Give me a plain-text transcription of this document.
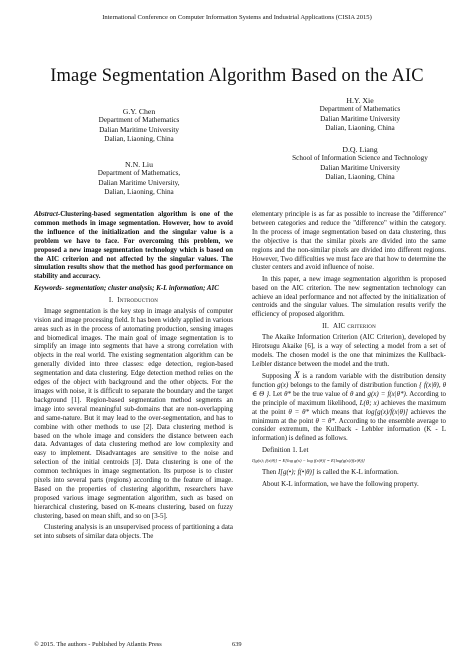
International Conference on Computer Information Systems and Industrial Applications (CISIA 2015)
Image Segmentation Algorithm Based on the AIC
G.Y. Chen
Department of Mathematics
Dalian Maritime University
Dalian, Liaoning, China
H.Y. Xie
Department of Mathematics
Dalian Maritime University
Dalian, Liaoning, China
N.N. Liu
Department of Mathematics,
Dalian Maritime University,
Dalian, Liaoning, China
D.Q. Liang
School of Information Science and Technology
Dalian Maritime University
Dalian, Liaoning, China

Abstract-Clustering-based segmentation algorithm is one of the common methods in image segmentation. However, how to avoid the influence of the initialization and the singular value is a problem we have to face. For overcoming this problem, we proposed a new image segmentation technology which is based on the AIC criterion and not affected by the singular values. The simulation results show that the method has good performance on stability and accuracy.

Keywords- segmentation; cluster analysis; K-L information; AIC

I. Introduction

Image segmentation is the key step in image analysis of computer vision and image processing field. It has been widely applied in various areas such as in the process of automating production, sensing images and biomedical images. The main goal of image segmentation is to simplify an image into segments that have a strong correlation with objects in the real world. The existing segmentation algorithm can be generally divided into three classes: edge detection, region-based segmentation and data clustering. Edge detection method relies on the edges of the object with background and the other objects. For the images with noise, it is difficult to separate the boundary and the target background [1]. Region-based segmentation method segments an image into several meaningful sub-domains that are non-overlapping and same-nature. But it may lead to the over-segmentation, and has to combine with other methods to use [2]. Data clustering method is based on the whole image and considers the distance between each data. Advantages of data clustering method are low complexity and easy to implement. Disadvantages are sensitive to the noise and selection of the initial centroids [3]. Data clustering is one of the common techniques in image segmentation. Its purpose is to cluster pixels into several parts (regions) according to the feature of image. Based on the properties of clustering algorithm, researchers have proposed various image segmentation algorithm, such as based on hierarchical clustering, based on K-means clustering, based on fuzzy clustering, based on mean shift, and so on [3-5].

Clustering analysis is an unsupervised process of partitioning a data set into subsets of similar data objects. The

elementary principle is as far as possible to increase the "difference" between categories and reduce the "difference" within the category. In the process of image segmentation based on data clustering, thus the objective is that the similar pixels are divided into the same regions and the non-similar pixels are divided into different regions. However, Two difficulties we must face are that how to determine the cluster centers and avoid influence of noise.

In this paper, a new image segmentation algorithm is proposed based on the AIC criterion. The new segmentation technology can achieve an ideal performance and not affected by the initialization of centroids and the singular values. The simulation results verify the efficiency of proposed algorithm.

II. AIC criterion

The Akaike Information Criterion (AIC Criterion), developed by Hirotsugu Akaike [6], is a way of selecting a model from a set of models. The chosen model is the one that minimizes the Kullback-Leibler distance between the model and the truth.

Supposing X is a random variable with the distribution density function g(x) belongs to the family of distribution function { f(x|θ), θ ∈ Θ }. Let θ* be the true value of θ and g(x) = f(x|θ*). According to the principle of maximum likelihood, L(θ; x) achieves the maximum at the point θ = θ* which means that log[g(x)/f(x|θ)] achieves the minimum at the point θ = θ*. According to the ensemble average to consider extremum, the Kullback - Lehbler information (K - L information) is defined as follows.

Definition 1. Let

I[g(x); f(x|θ)] = E[log g(x) − log f(x|θ)] = E[log(g(x)/f(x|θ))]

Then I[g(•); f(•|θ)] is called the K-L information.

About K-L information, we have the following property.

© 2015. The authors - Published by Atlantis Press	639
